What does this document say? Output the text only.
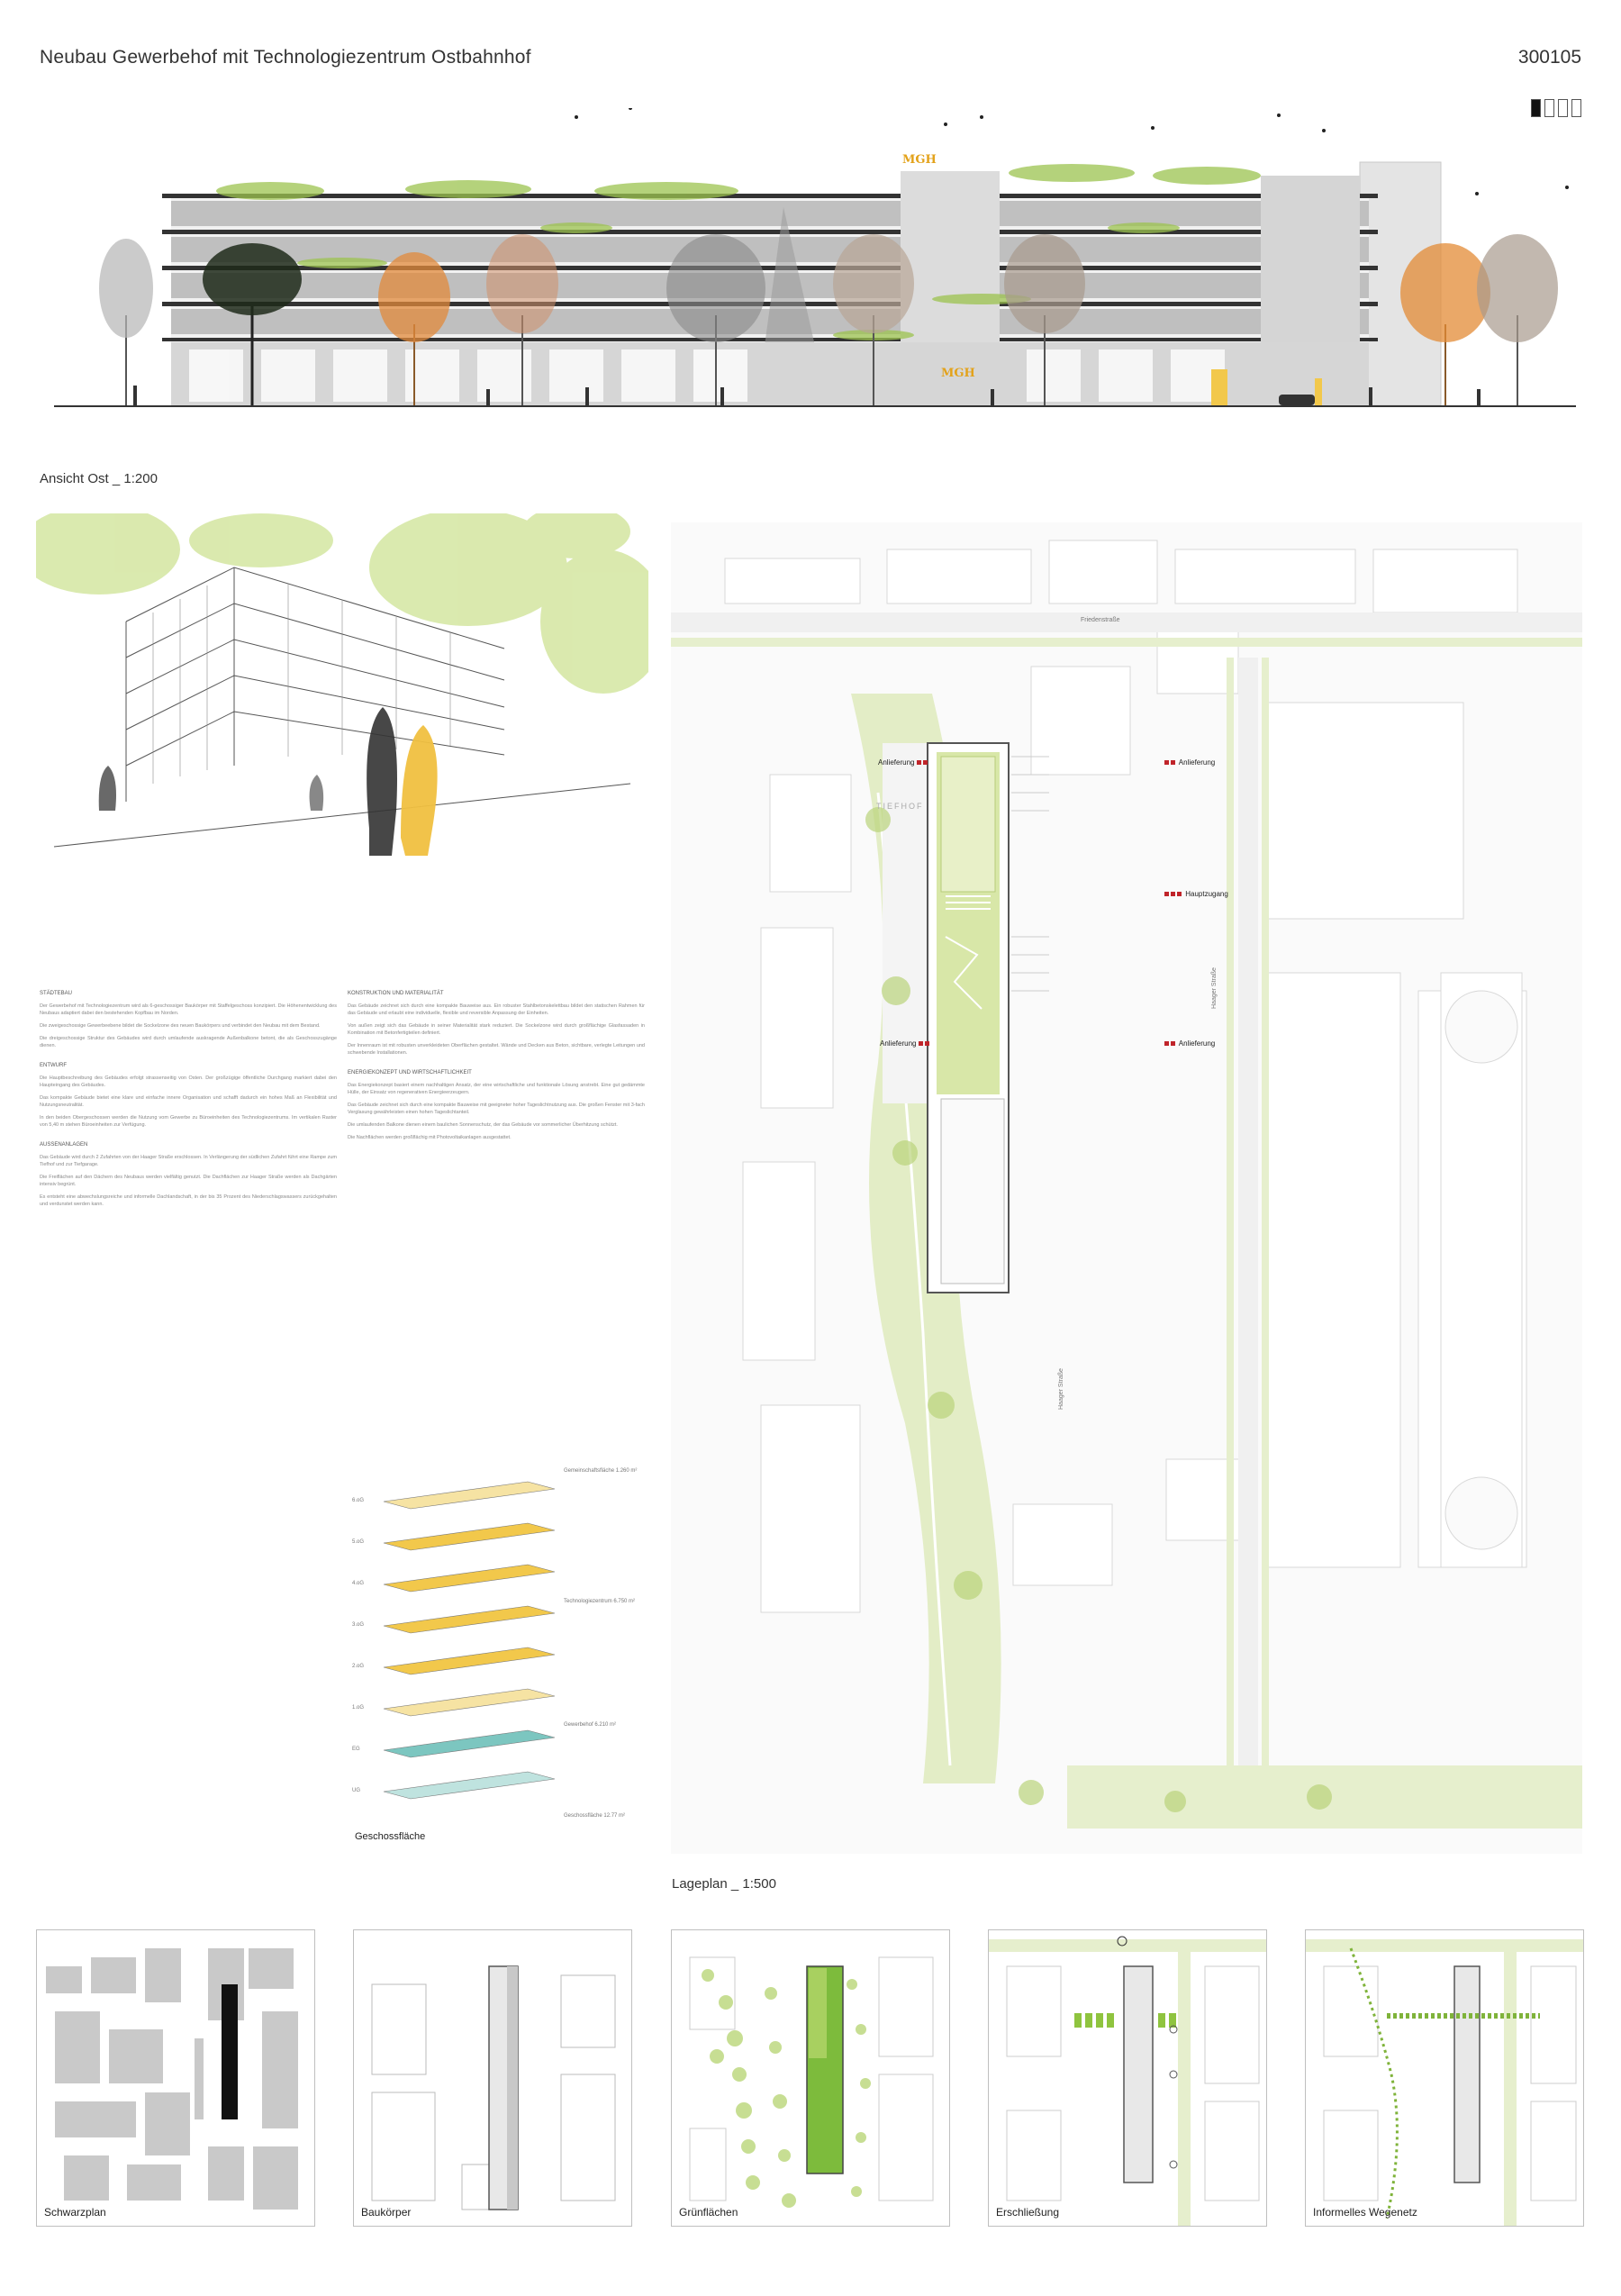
Neubau Gewerbehof mit Technologiezentrum Ostbahnhof	300105
MGH
MGH
Ansicht Ost _ 1:200
STÄDTEBAU

Der Gewerbehof mit Technologiezentrum wird als 6-geschossiger Baukörper mit Staffelgeschoss konzipiert. Die Höhenentwicklung des Neubaus adaptiert dabei den bestehenden Kopfbau im Norden.

Die zweigeschossige Gewerbeebene bildet die Sockelzone des neuen Baukörpers und verbindet den Neubau mit dem Bestand.

Die dreigeschossige Struktur des Gebäudes wird durch umlaufende auskragende Außenbalkone betont, die als Geschosszugänge dienen.

ENTWURF

Die Hauptbeschreibung des Gebäudes erfolgt strassenseitig von Osten. Der großzügige öffentliche Durchgang markiert dabei den Haupteingang des Gebäudes.

Das kompakte Gebäude bietet eine klare und einfache innere Organisation und schafft dadurch ein hohes Maß an Flexibilität und Nutzungsneutralität.

In den beiden Obergeschossen werden die Nutzung vom Gewerbe zu Büroeinheiten des Technologiezentrums. Im vertikalen Raster von 5,40 m stehen Büroeinheiten zur Verfügung.

AUSSENANLAGEN

Das Gebäude wird durch 2 Zufahrten von der Haager Straße erschlossen. In Verlängerung der südlichen Zufahrt führt eine Rampe zum Tiefhof und zur Tiefgarage.

Die Freiflächen auf den Dächern des Neubaus werden vielfältig genutzt. Die Dachflächen zur Haager Straße werden als Dachgärten intensiv begrünt.

Es entsteht eine abwechslungsreiche und informelle Dachlandschaft, in der bis 35 Prozent des Niederschlagswassers zurückgehalten und verdunstet werden kann.

KONSTRUKTION UND MATERIALITÄT

Das Gebäude zeichnet sich durch eine kompakte Bauweise aus. Ein robuster Stahlbetonskelettbau bildet den statischen Rahmen für das Gebäude und erlaubt eine individuelle, flexible und reversible Anpassung der Einheiten.

Von außen zeigt sich das Gebäude in seiner Materialität stark reduziert. Die Sockelzone wird durch großflächige Glasfassaden in Kombination mit Betonfertigteilen definiert.

Der Innenraum ist mit robusten unverkleideten Oberflächen gestaltet. Wände und Decken aus Beton, sichtbare, verlegte Leitungen und schwebende Installationen.

ENERGIEKONZEPT UND WIRTSCHAFTLICHKEIT

Das Energiekonzept basiert einem nachhaltigen Ansatz, der eine wirtschaftliche und funktionale Lösung anstrebt. Eine gut gedämmte Hülle, der Einsatz von regenerativen Energieerzeugern.

Das Gebäude zeichnet sich durch eine kompakte Bauweise mit geeigneter hoher Tageslichtnutzung aus. Die großen Fenster mit 3-fach Verglasung gewährleisten einen hohen Tageslichtanteil.

Die umlaufenden Balkone dienen einem baulichen Sonnenschutz, der das Gebäude vor sommerlicher Überhitzung schützt.

Die Nachflächen werden großflächig mit Photovoltaikanlagen ausgestattet.

6.oG
5.oG
4.oG
3.oG
2.oG
1.oG
EG
UG
Gemeinschaftsfläche 1.260 m²
Technologiezentrum 6.750 m²
Gewerbehof 6.210 m²
Geschossfläche 12.77 m²
Geschossfläche
Friedenstraße
Haager Straße
Haager Straße
TIEFHOF
Anlieferung	Anlieferung
Hauptzugang
Anlieferung	Anlieferung
Lageplan _ 1:500
Schwarzplan	Baukörper	Grünflächen	Erschließung	Informelles Wegenetz
